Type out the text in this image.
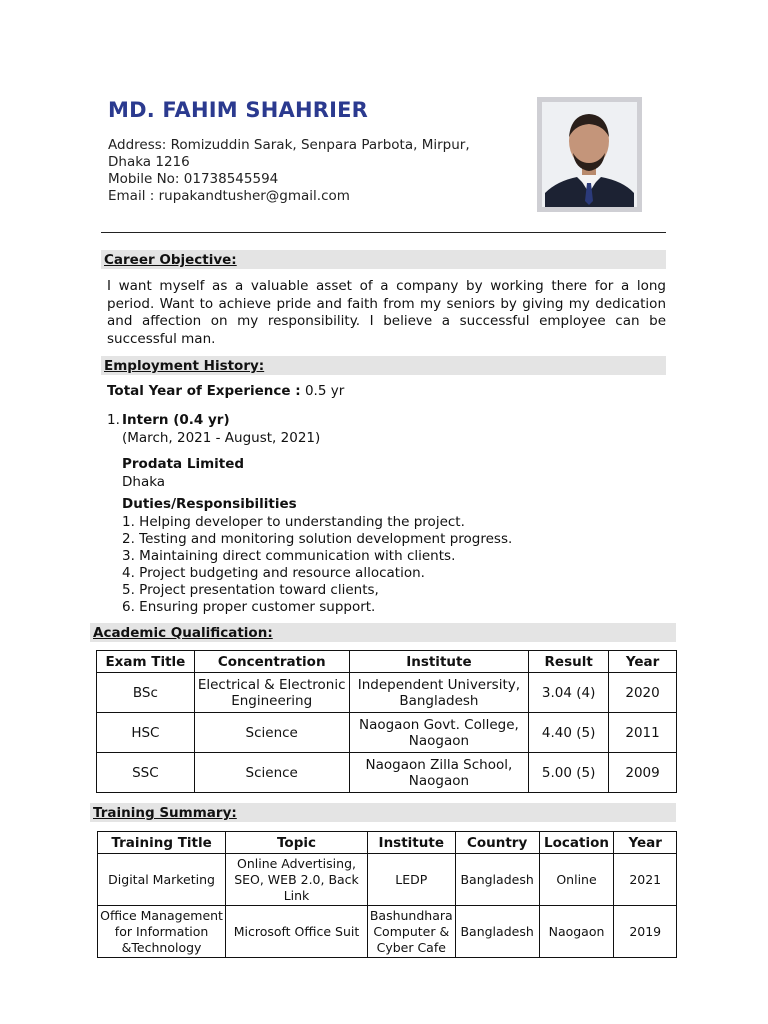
MD. FAHIM SHAHRIER
Address: Romizuddin Sarak, Senpara Parbota, Mirpur,
Dhaka 1216
Mobile No: 01738545594
Email : rupakandtusher@gmail.com
Career Objective:
I want myself as a valuable asset of a company by working there for a long period. Want to achieve pride and faith from my seniors by giving my dedication and affection on my responsibility. I believe a successful employee can be successful man.
Employment History:
Total Year of Experience : 0.5 yr
1. Intern (0.4 yr)
(March, 2021 - August, 2021)
Prodata Limited
Dhaka
Duties/Responsibilities
1. Helping developer to understanding the project.
2. Testing and monitoring solution development progress.
3. Maintaining direct communication with clients.
4. Project budgeting and resource allocation.
5. Project presentation toward clients,
6. Ensuring proper customer support.
Academic Qualification:
Exam Title	Concentration	Institute	Result	Year
BSc	Electrical & Electronic Engineering	Independent University, Bangladesh	3.04 (4)	2020
HSC	Science	Naogaon Govt. College, Naogaon	4.40 (5)	2011
SSC	Science	Naogaon Zilla School, Naogaon	5.00 (5)	2009
Training Summary:
Training Title	Topic	Institute	Country	Location	Year
Digital Marketing	Online Advertising, SEO, WEB 2.0, Back Link	LEDP	Bangladesh	Online	2021
Office Management for Information &Technology	Microsoft Office Suit	Bashundhara Computer & Cyber Cafe	Bangladesh	Naogaon	2019
